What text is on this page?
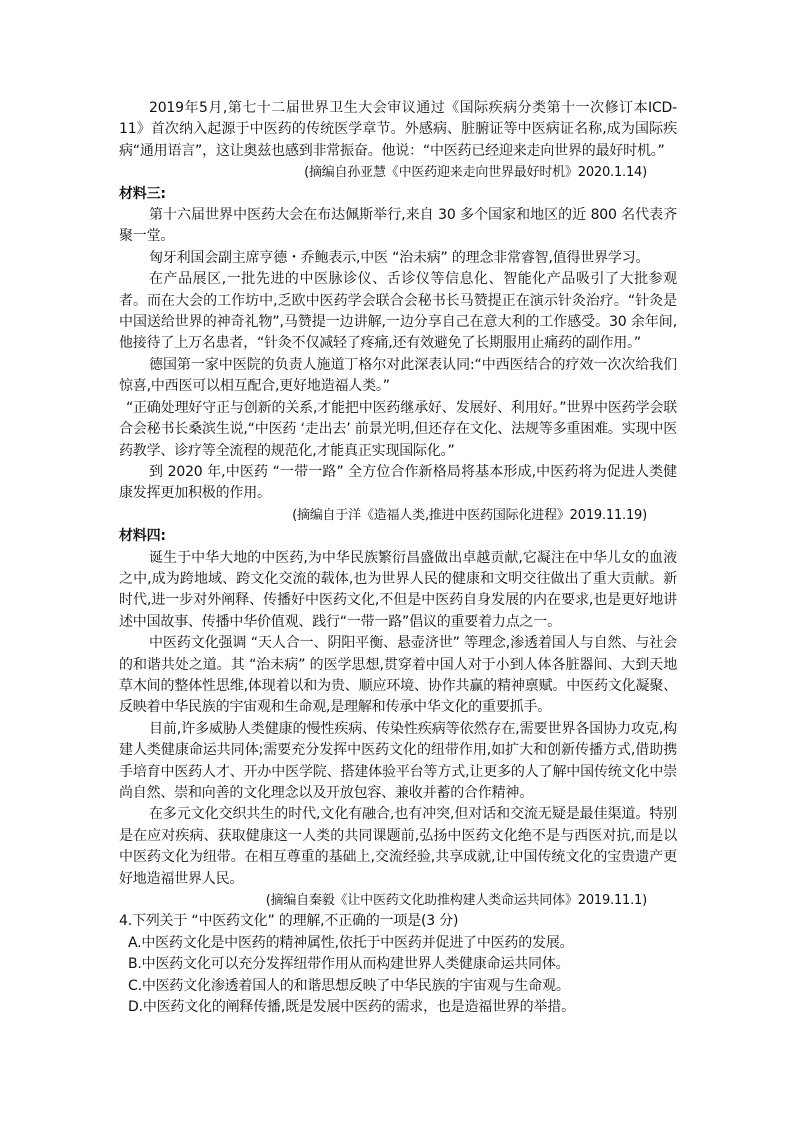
2019年5月,第七十二届世界卫生大会审议通过《国际疾病分类第十一次修订本ICD-11》首次纳入起源于中医药的传统医学章节。外感病、脏腑证等中医病证名称,成为国际疾病“通用语言”，这让奥兹也感到非常振奋。他说：“中医药已经迎来走向世界的最好时机。”

(摘编自孙亚慧《中医药迎来走向世界最好时机》2020.1.14)

材料三:

第十六届世界中医药大会在布达佩斯举行,来自 30 多个国家和地区的近 800 名代表齐聚一堂。

匈牙利国会副主席亨德・乔鲍表示,中医 “治未病” 的理念非常睿智,值得世界学习。

在产品展区,一批先进的中医脉诊仪、舌诊仪等信息化、智能化产品吸引了大批参观者。而在大会的工作坊中,乏欧中医药学会联合会秘书长马赞提正在演示针灸治疗。“针灸是中国送给世界的神奇礼物”,马赞提一边讲解,一边分享自己在意大利的工作感受。30 余年间,他接待了上万名患者，“针灸不仅减轻了疼痛,还有效避免了长期服用止痛药的副作用。”

德国第一家中医院的负责人施道丁格尔对此深表认同:“中西医结合的疗效一次次给我们惊喜,中西医可以相互配合,更好地造福人类。”

“正确处理好守正与创新的关系,才能把中医药继承好、发展好、利用好。”世界中医药学会联合会秘书长桑滨生说,“中医药 ‘走出去’ 前景光明,但还存在文化、法规等多重困难。实现中医药教学、诊疗等全流程的规范化,才能真正实现国际化。”

到 2020 年,中医药 “一带一路” 全方位合作新格局将基本形成,中医药将为促进人类健康发挥更加积极的作用。

(摘编自于洋《造福人类,推进中医药国际化进程》2019.11.19)

材料四:

诞生于中华大地的中医药,为中华民族繁衍昌盛做出卓越贡献,它凝注在中华儿女的血液之中,成为跨地域、跨文化交流的载体,也为世界人民的健康和文明交往做出了重大贡献。新时代,进一步对外阐释、传播好中医药文化,不但是中医药自身发展的内在要求,也是更好地讲述中国故事、传播中华价值观、践行“一带一路”倡议的重要着力点之一。

中医药文化强调 “天人合一、阴阳平衡、悬壶济世” 等理念,渗透着国人与自然、与社会的和谐共处之道。其 “治未病” 的医学思想,贯穿着中国人对于小到人体各脏器间、大到天地草木间的整体性思维,体现着以和为贵、顺应环境、协作共赢的精神禀赋。中医药文化凝聚、反映着中华民族的宇宙观和生命观,是理解和传承中华文化的重要抓手。

目前,许多威胁人类健康的慢性疾病、传染性疾病等依然存在,需要世界各国协力攻克,构建人类健康命运共同体;需要充分发挥中医药文化的纽带作用,如扩大和创新传播方式,借助携手培育中医药人才、开办中医学院、搭建体验平台等方式,让更多的人了解中国传统文化中崇尚自然、崇和向善的文化理念以及开放包容、兼收并蓄的合作精神。

在多元文化交织共生的时代,文化有融合,也有冲突,但对话和交流无疑是最佳渠道。特别是在应对疾病、获取健康这一人类的共同课题前,弘扬中医药文化绝不是与西医对抗,而是以中医药文化为纽带。在相互尊重的基础上,交流经验,共享成就,让中国传统文化的宝贵遗产更好地造福世界人民。

(摘编自秦毅《让中医药文化助推构建人类命运共同体》2019.11.1)

4.下列关于 “中医药文化” 的理解,不正确的一项是(3 分)

A.中医药文化是中医药的精神属性,依托于中医药并促进了中医药的发展。

B.中医药文化可以充分发挥纽带作用从而构建世界人类健康命运共同体。

C.中医药文化渗透着国人的和谐思想反映了中华民族的宇宙观与生命观。

D.中医药文化的阐释传播,既是发展中医药的需求，也是造福世界的举措。
